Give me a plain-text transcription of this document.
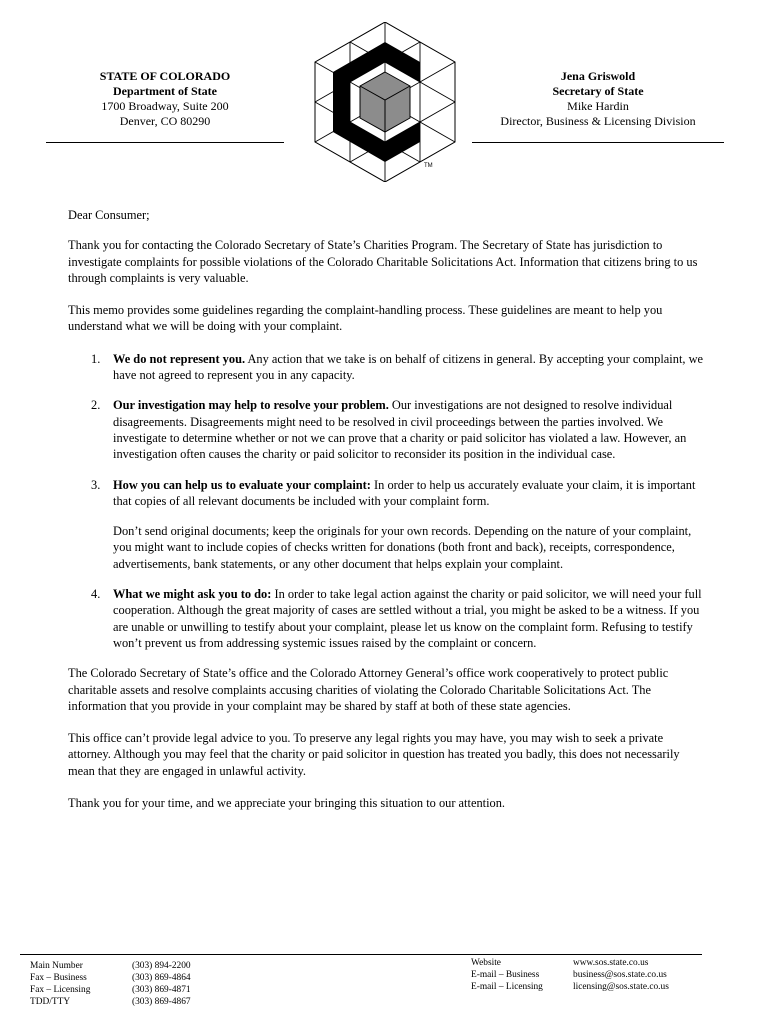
STATE OF COLORADO
Department of State
1700 Broadway, Suite 200
Denver, CO 80290
TM
Jena Griswold
Secretary of State
Mike Hardin
Director, Business & Licensing Division

Dear Consumer;

Thank you for contacting the Colorado Secretary of State’s Charities Program. The Secretary of State has jurisdiction to investigate complaints for possible violations of the Colorado Charitable Solicitations Act. Information that citizens bring to us through complaints is very valuable.

This memo provides some guidelines regarding the complaint-handling process. These guidelines are meant to help you understand what we will be doing with your complaint.

1. We do not represent you. Any action that we take is on behalf of citizens in general. By accepting your complaint, we have not agreed to represent you in any capacity.
2. Our investigation may help to resolve your problem. Our investigations are not designed to resolve individual disagreements. Disagreements might need to be resolved in civil proceedings between the parties involved. We investigate to determine whether or not we can prove that a charity or paid solicitor has violated a law. However, an investigation often causes the charity or paid solicitor to reconsider its position in the individual case.
3. How you can help us to evaluate your complaint: In order to help us accurately evaluate your claim, it is important that copies of all relevant documents be included with your complaint form.

Don’t send original documents; keep the originals for your own records. Depending on the nature of your complaint, you might want to include copies of checks written for donations (both front and back), receipts, correspondence, advertisements, bank statements, or any other document that helps explain your complaint.

4. What we might ask you to do: In order to take legal action against the charity or paid solicitor, we will need your full cooperation. Although the great majority of cases are settled without a trial, you might be asked to be a witness. If you are unable or unwilling to testify about your complaint, please let us know on the complaint form. Refusing to testify won’t prevent us from addressing systemic issues raised by the complaint or concern.

The Colorado Secretary of State’s office and the Colorado Attorney General’s office work cooperatively to protect public charitable assets and resolve complaints accusing charities of violating the Colorado Charitable Solicitations Act. The information that you provide in your complaint may be shared by staff at both of these state agencies.

This office can’t provide legal advice to you. To preserve any legal rights you may have, you may wish to seek a private attorney. Although you may feel that the charity or paid solicitor in question has treated you badly, this does not necessarily mean that they are engaged in unlawful activity.

Thank you for your time, and we appreciate your bringing this situation to our attention.

Main Number
Fax – Business
Fax – Licensing
TDD/TTY
(303) 894-2200
(303) 869-4864
(303) 869-4871
(303) 869-4867
Website
E-mail – Business
E-mail – Licensing
www.sos.state.co.us
business@sos.state.co.us
licensing@sos.state.co.us
